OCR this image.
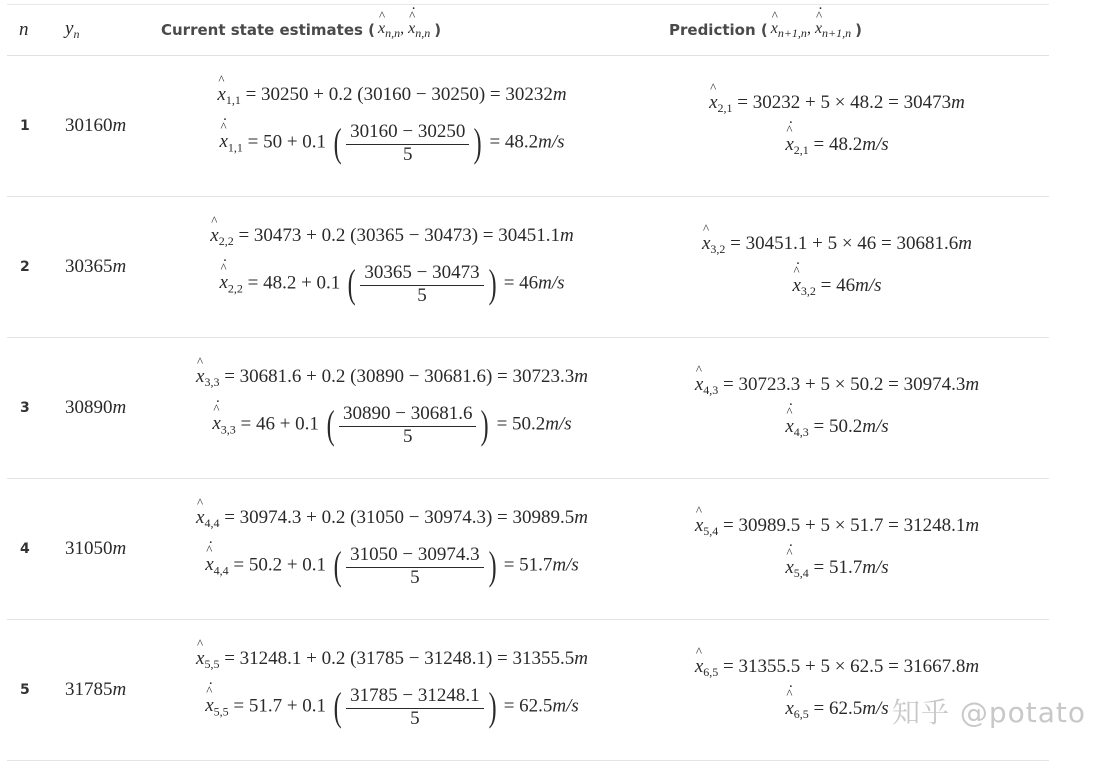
n $y_n$	Current state estimates ( ^ $x_{n,n}$, ^ $x \cdot_{n,n}$ )	Prediction ( ^ $x_{n+1,n}$, ^ $x \cdot_{n+1,n}$ )
1 30160 m
^ $x_{1,1} = 30250 + 0.2$ (30160 − 30250) = 30232m
^ $x \cdot_{1,1} = 50 + 0.1$ ( $\frac{30160 - 30250}{5}$ ) = 48.2m/s
^ $x_{2,1} = 30232 + 5 \times 48.2 = 30473m$
^ $x \cdot_{2,1} = 48.2m/s$
2 30365 m
^ $x_{2,2} = 30473 + 0.2$ (30365 − 30473) = 30451.1m
^ $x \cdot_{2,2} = 48.2 + 0.1$ ( $\frac{30365 - 30473}{5}$ ) = 46m/s
^ $x_{3,2} = 30451.1 + 5 \times 46 = 30681.6m$
^ $x \cdot_{3,2} = 46m/s$
3 30890 m
^ $x_{3,3} = 30681.6 + 0.2$ (30890 − 30681.6) = 30723.3m
^ $x \cdot_{3,3} = 46 + 0.1$ ( $\frac{30890 - 30681.6}{5}$ ) = 50.2m/s
^ $x_{4,3} = 30723.3 + 5 \times 50.2 = 30974.3m$
^ $x \cdot_{4,3} = 50.2m/s$
4 31050 m
^ $x_{4,4} = 30974.3 + 0.2$ (31050 − 30974.3) = 30989.5m
^ $x \cdot_{4,4} = 50.2 + 0.1$ ( $\frac{31050 - 30974.3}{5}$ ) = 51.7m/s
^ $x_{5,4} = 30989.5 + 5 \times 51.7 = 31248.1m$
^ $x \cdot_{5,4} = 51.7m/s$
5 31785 m
^ $x_{5,5} = 31248.1 + 0.2$ (31785 − 31248.1) = 31355.5m
^ $x \cdot_{5,5} = 51.7 + 0.1$ ( $\frac{31785 - 31248.1}{5}$ ) = 62.5m/s
^ $x_{6,5} = 31355.5 + 5 \times 62.5 = 31667.8m$
^ $x \cdot_{6,5} = 62.5m/s$ 知乎 @potato
